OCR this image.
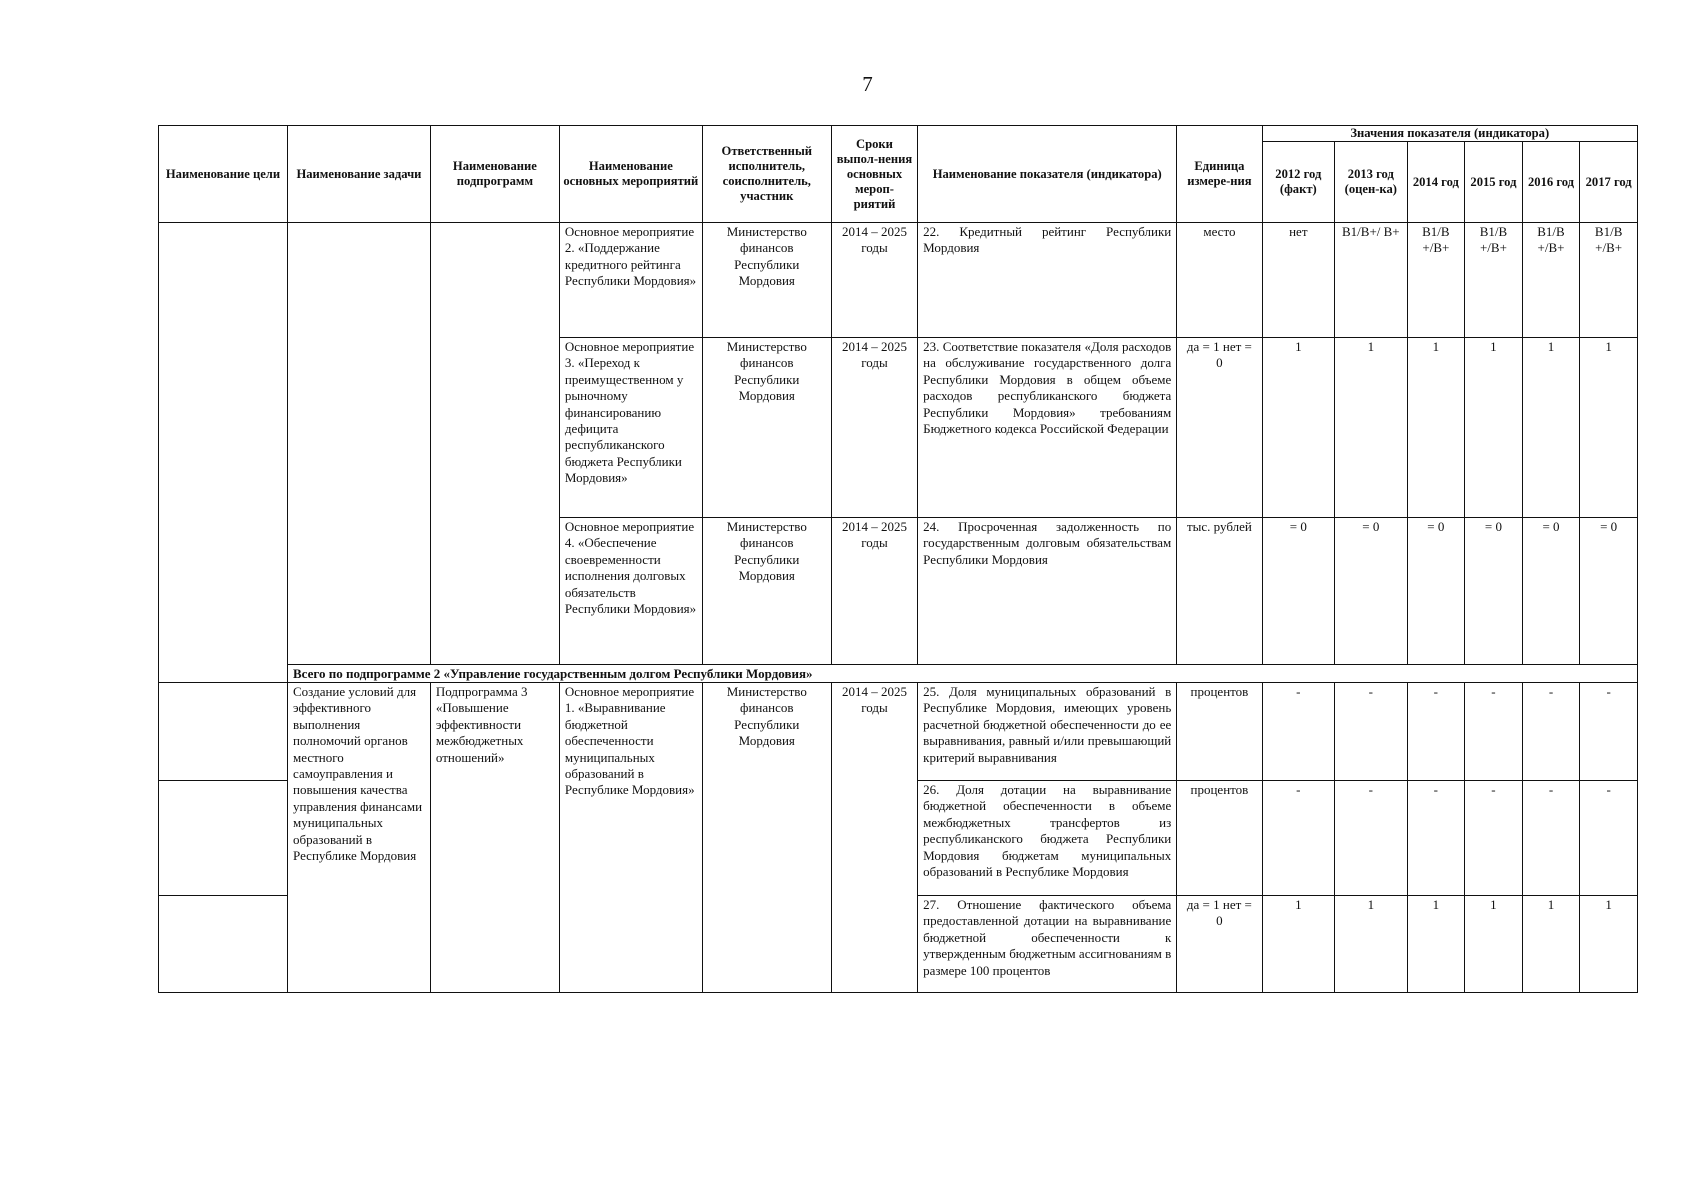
7
Наименование цели	Наименование задачи	Наименование подпрограмм	Наименование основных мероприятий	Ответственный исполнитель, соисполнитель, участник	Сроки выпол-нения основных мероп-риятий	Наименование показателя (индикатора)	Единица измере-ния	Значения показателя (индикатора)					
								2012 год (факт)	2013 год (оцен-ка)	2014 год	2015 год	2016 год	2017 год
			Основное мероприятие 2. «Поддержание кредитного рейтинга Республики Мордовия»	Министерство финансов Республики Мордовия	2014 – 2025 годы	22. Кредитный рейтинг Республики Мордовия	место	нет	B1/B+/ B+	B1/B +/B+	B1/B +/B+	B1/B +/B+	B1/B +/B+
			Основное мероприятие 3. «Переход к преимущественном у рыночному финансированию дефицита республиканского бюджета Республики Мордовия»	Министерство финансов Республики Мордовия	2014 – 2025 годы	23. Соответствие показателя «Доля расходов на обслуживание государственного долга Республики Мордовия в общем объеме расходов республиканского бюджета Республики Мордовия» требованиям Бюджетного кодекса Российской Федерации	да = 1 нет = 0	1	1	1	1	1	1
			Основное мероприятие 4. «Обеспечение своевременности исполнения долговых обязательств Республики Мордовия»	Министерство финансов Республики Мордовия	2014 – 2025 годы	24. Просроченная задолженность по государственным долговым обязательствам Республики Мордовия	тыс. рублей	= 0	= 0	= 0	= 0	= 0	= 0
	Всего по подпрограмме 2 «Управление государственным долгом Республики Мордовия»												
	Создание условий для эффективного выполнения полномочий органов местного самоуправления и повышения качества управления финансами муниципальных образований в Республике Мордовия	Подпрограмма 3 «Повышение эффективности межбюджетных отношений»	Основное мероприятие 1. «Выравнивание бюджетной обеспеченности муниципальных образований в Республике Мордовия»	Министерство финансов Республики Мордовия	2014 – 2025 годы	25. Доля муниципальных образований в Республике Мордовия, имеющих уровень расчетной бюджетной обеспеченности до ее выравнивания, равный и/или превышающий критерий выравнивания	процентов	-	-	-	-	-	-
						26. Доля дотации на выравнивание бюджетной обеспеченности в объеме межбюджетных трансфертов из республиканского бюджета Республики Мордовия бюджетам муниципальных образований в Республике Мордовия	процентов	-	-	-	-	-	-
						27. Отношение фактического объема предоставленной дотации на выравнивание бюджетной обеспеченности к утвержденным бюджетным ассигнованиям в размере 100 процентов	да = 1 нет = 0	1	1	1	1	1	1
